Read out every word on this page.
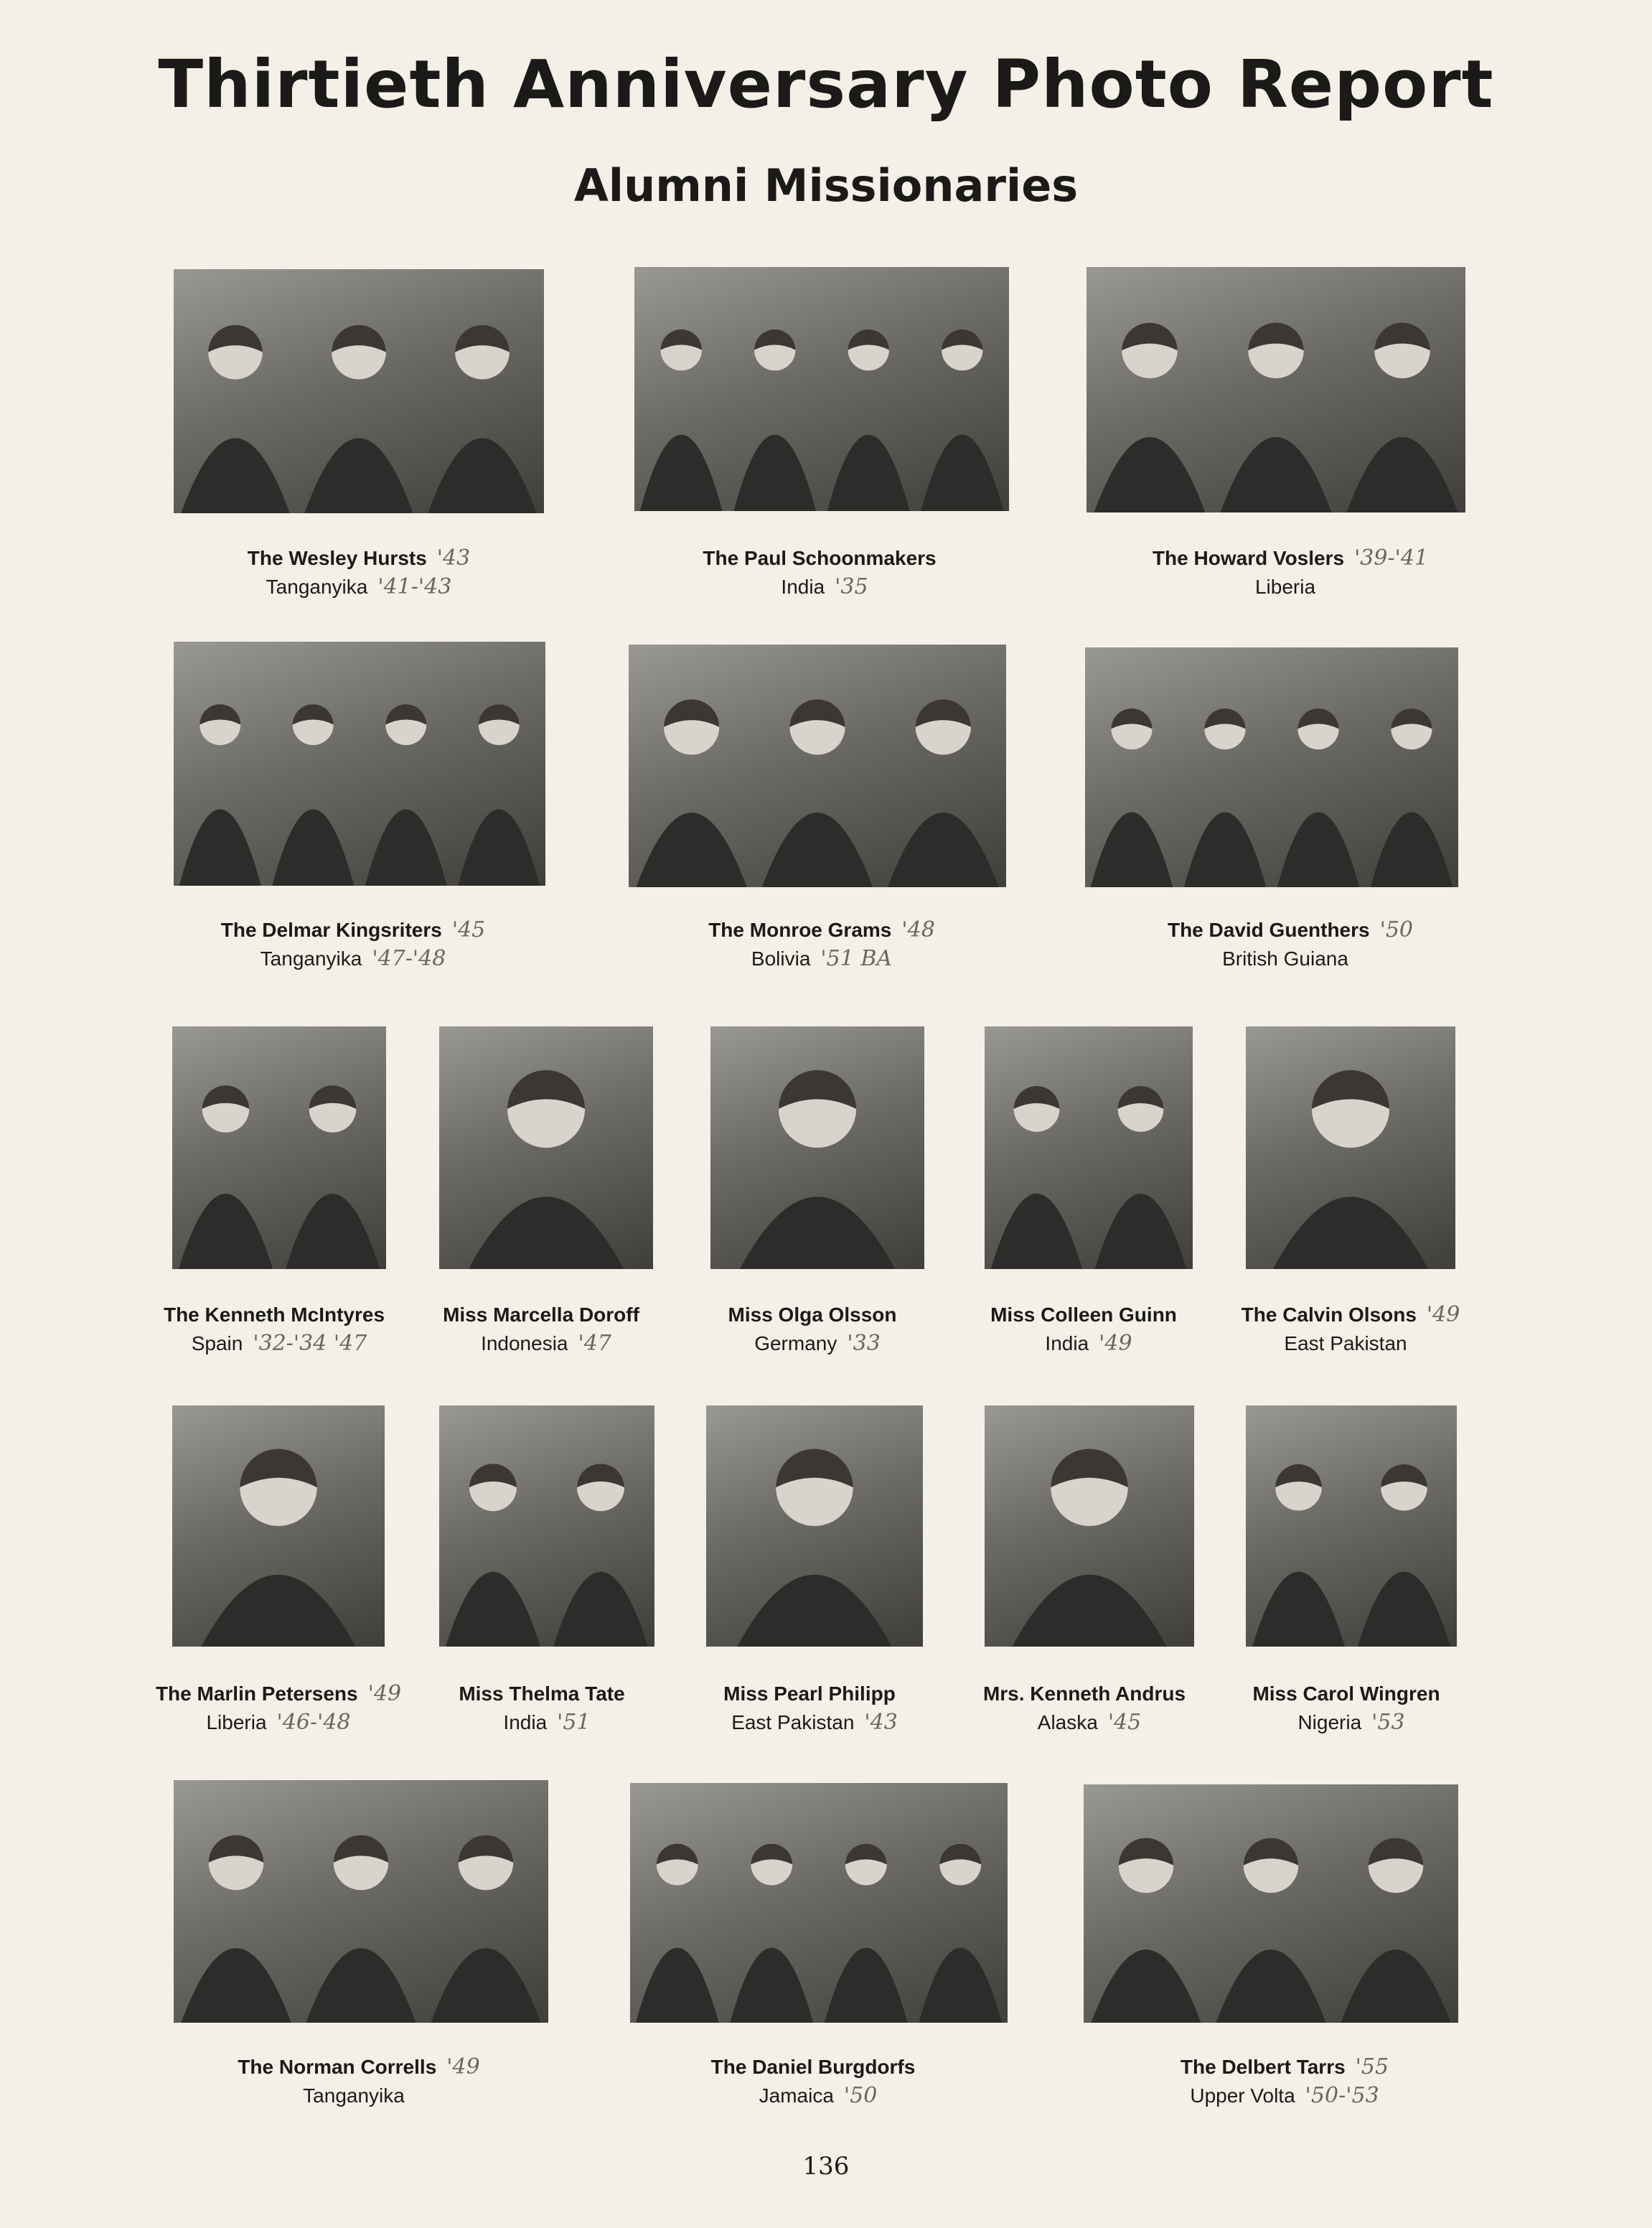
Thirtieth Anniversary Photo Report
Alumni Missionaries
The Wesley Hursts '43
Tanganyika '41-'43
The Paul Schoonmakers
India '35
The Howard Voslers '39-'41
Liberia
The Delmar Kingsriters '45
Tanganyika '47-'48
The Monroe Grams '48
Bolivia '51 BA
The David Guenthers '50
British Guiana
The Kenneth McIntyres
Spain '32-'34 '47
Miss Marcella Doroff
Indonesia '47
Miss Olga Olsson
Germany '33
Miss Colleen Guinn
India '49
The Calvin Olsons '49
East Pakistan
The Marlin Petersens '49
Liberia '46-'48
Miss Thelma Tate
India '51
Miss Pearl Philipp
East Pakistan '43
Mrs. Kenneth Andrus
Alaska '45
Miss Carol Wingren
Nigeria '53
The Norman Corrells '49
Tanganyika
The Daniel Burgdorfs
Jamaica '50
The Delbert Tarrs '55
Upper Volta '50-'53
136
